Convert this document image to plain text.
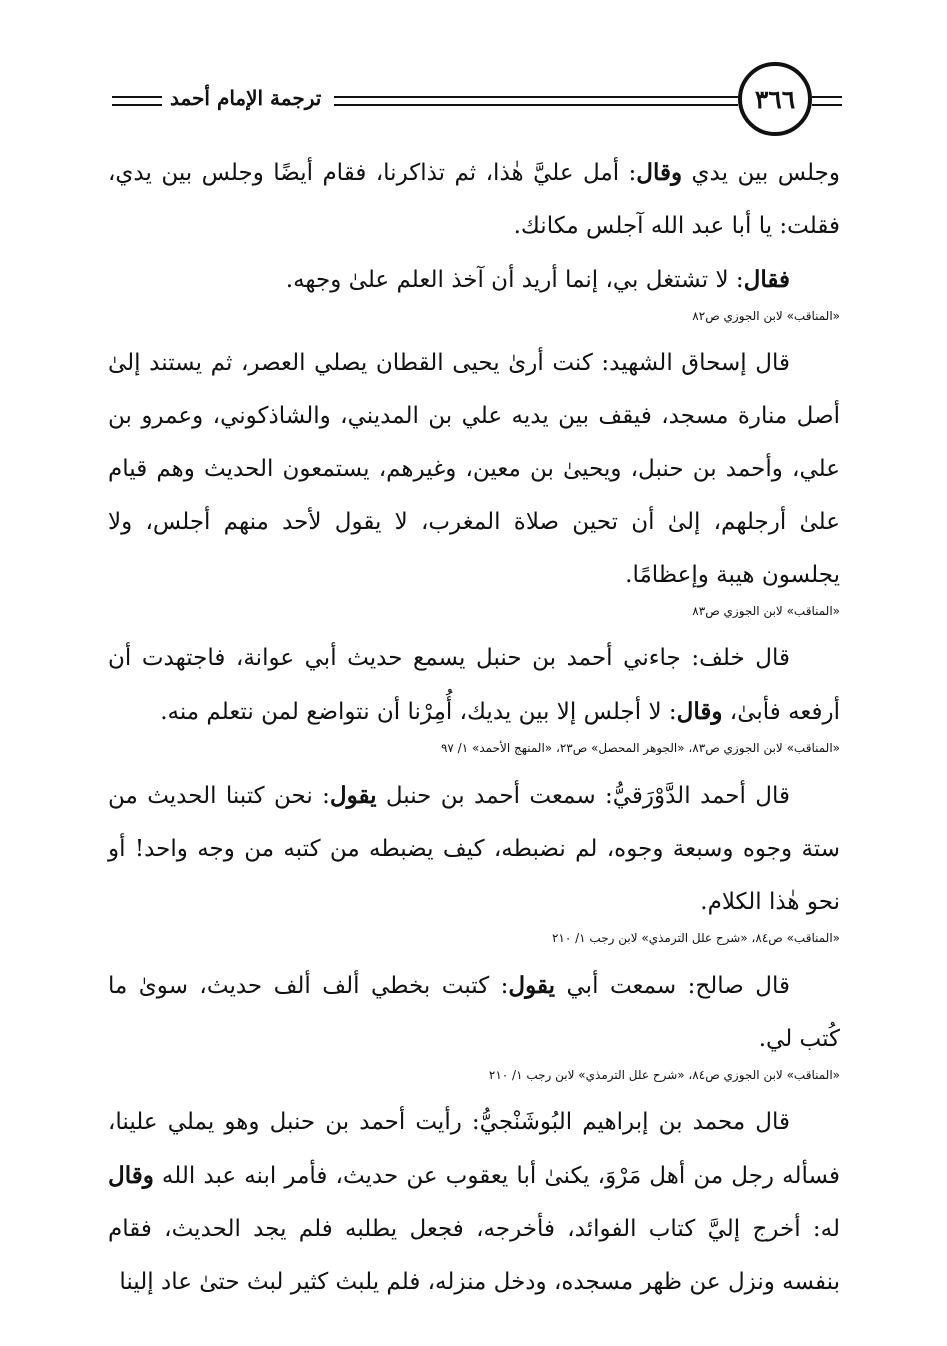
ترجمة الإمام أحمد	٣٦٦

وجلس بين يدي وقال: أمل عليَّ هٰذا، ثم تذاكرنا، فقام أيضًا وجلس بين يدي، فقلت: يا أبا عبد الله آجلس مكانك.

فقال: لا تشتغل بي، إنما أريد أن آخذ العلم علىٰ وجهه.

«المناقب» لابن الجوزي ص٨٢

قال إسحاق الشهيد: كنت أرىٰ يحيى القطان يصلي العصر، ثم يستند إلىٰ أصل منارة مسجد، فيقف بين يديه علي بن المديني، والشاذكوني، وعمرو بن علي، وأحمد بن حنبل، ويحيىٰ بن معين، وغيرهم، يستمعون الحديث وهم قيام علىٰ أرجلهم، إلىٰ أن تحين صلاة المغرب، لا يقول لأحد منهم أجلس، ولا يجلسون هيبة وإعظامًا.

«المناقب» لابن الجوزي ص٨٣

قال خلف: جاءني أحمد بن حنبل يسمع حديث أبي عوانة، فاجتهدت أن أرفعه فأبىٰ، وقال: لا أجلس إلا بين يديك، أُمِرْنا أن نتواضع لمن نتعلم منه.

«المناقب» لابن الجوزي ص٨٣، «الجوهر المحصل» ص٢٣، «المنهج الأحمد» ١/ ٩٧

قال أحمد الدَّوْرَقيُّ: سمعت أحمد بن حنبل يقول: نحن كتبنا الحديث من ستة وجوه وسبعة وجوه، لم نضبطه، كيف يضبطه من كتبه من وجه واحد! أو نحو هٰذا الكلام.

«المناقب» ص٨٤، «شرح علل الترمذي» لابن رجب ١/ ٢١٠

قال صالح: سمعت أبي يقول: كتبت بخطي ألف ألف حديث، سوىٰ ما كُتب لي.

«المناقب» لابن الجوزي ص٨٤، «شرح علل الترمذي» لابن رجب ١/ ٢١٠

قال محمد بن إبراهيم البُوشَنْجيُّ: رأيت أحمد بن حنبل وهو يملي علينا، فسأله رجل من أهل مَرْوَ، يكنىٰ أبا يعقوب عن حديث، فأمر ابنه عبد الله وقال له: أخرج إليَّ كتاب الفوائد، فأخرجه، فجعل يطلبه فلم يجد الحديث، فقام بنفسه ونزل عن ظهر مسجده، ودخل منزله، فلم يلبث كثير لبث حتىٰ عاد إلينا
